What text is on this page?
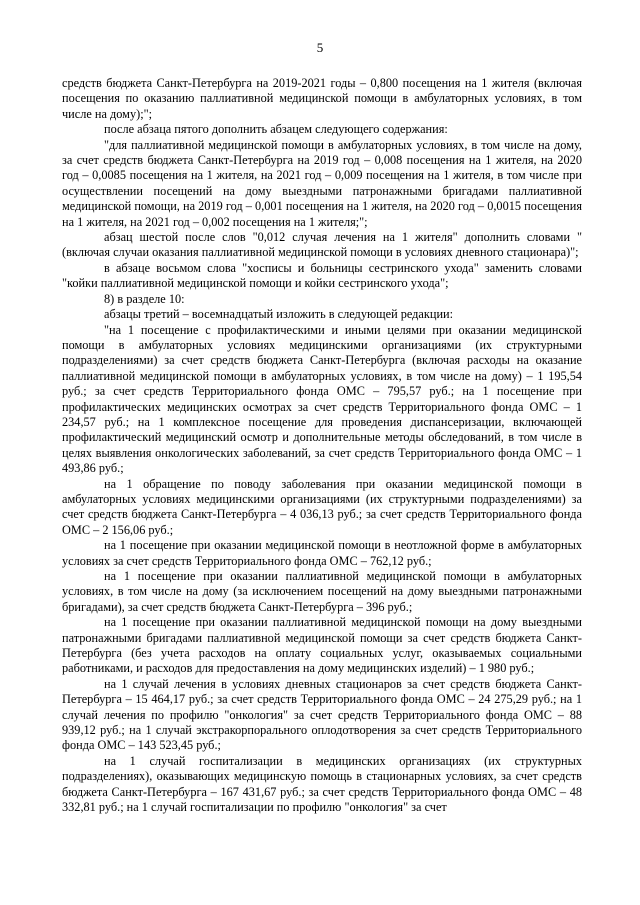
5

средств бюджета Санкт-Петербурга на 2019-2021 годы – 0,800 посещения на 1 жителя (включая посещения по оказанию паллиативной медицинской помощи в амбулаторных условиях, в том числе на дому);";

после абзаца пятого дополнить абзацем следующего содержания:

"для паллиативной медицинской помощи в амбулаторных условиях, в том числе на дому, за счет средств бюджета Санкт-Петербурга на 2019 год – 0,008 посещения на 1 жителя, на 2020 год – 0,0085 посещения на 1 жителя, на 2021 год – 0,009 посещения на 1 жителя, в том числе при осуществлении посещений на дому выездными патронажными бригадами паллиативной медицинской помощи, на 2019 год – 0,001 посещения на 1 жителя, на 2020 год – 0,0015 посещения на 1 жителя, на 2021 год – 0,002 посещения на 1 жителя;";

абзац шестой после слов "0,012 случая лечения на 1 жителя" дополнить словами "(включая случаи оказания паллиативной медицинской помощи в условиях дневного стационара)";

в абзаце восьмом слова "хосписы и больницы сестринского ухода" заменить словами "койки паллиативной медицинской помощи и койки сестринского ухода";

8) в разделе 10:

абзацы третий – восемнадцатый изложить в следующей редакции:

"на 1 посещение с профилактическими и иными целями при оказании медицинской помощи в амбулаторных условиях медицинскими организациями (их структурными подразделениями) за счет средств бюджета Санкт-Петербурга (включая расходы на оказание паллиативной медицинской помощи в амбулаторных условиях, в том числе на дому) – 1 195,54 руб.; за счет средств Территориального фонда ОМС – 795,57 руб.; на 1 посещение при профилактических медицинских осмотрах за счет средств Территориального фонда ОМС – 1 234,57 руб.; на 1 комплексное посещение для проведения диспансеризации, включающей профилактический медицинский осмотр и дополнительные методы обследований, в том числе в целях выявления онкологических заболеваний, за счет средств Территориального фонда ОМС – 1 493,86 руб.;

на 1 обращение по поводу заболевания при оказании медицинской помощи в амбулаторных условиях медицинскими организациями (их структурными подразделениями) за счет средств бюджета Санкт-Петербурга – 4 036,13 руб.; за счет средств Территориального фонда ОМС – 2 156,06 руб.;

на 1 посещение при оказании медицинской помощи в неотложной форме в амбулаторных условиях за счет средств Территориального фонда ОМС – 762,12 руб.;

на 1 посещение при оказании паллиативной медицинской помощи в амбулаторных условиях, в том числе на дому (за исключением посещений на дому выездными патронажными бригадами), за счет средств бюджета Санкт-Петербурга – 396 руб.;

на 1 посещение при оказании паллиативной медицинской помощи на дому выездными патронажными бригадами паллиативной медицинской помощи за счет средств бюджета Санкт-Петербурга (без учета расходов на оплату социальных услуг, оказываемых социальными работниками, и расходов для предоставления на дому медицинских изделий) – 1 980 руб.;

на 1 случай лечения в условиях дневных стационаров за счет средств бюджета Санкт-Петербурга – 15 464,17 руб.; за счет средств Территориального фонда ОМС – 24 275,29 руб.; на 1 случай лечения по профилю "онкология" за счет средств Территориального фонда ОМС – 88 939,12 руб.; на 1 случай экстракорпорального оплодотворения за счет средств Территориального фонда ОМС – 143 523,45 руб.;

на 1 случай госпитализации в медицинских организациях (их структурных подразделениях), оказывающих медицинскую помощь в стационарных условиях, за счет средств бюджета Санкт-Петербурга – 167 431,67 руб.; за счет средств Территориального фонда ОМС – 48 332,81 руб.; на 1 случай госпитализации по профилю "онкология" за счет
